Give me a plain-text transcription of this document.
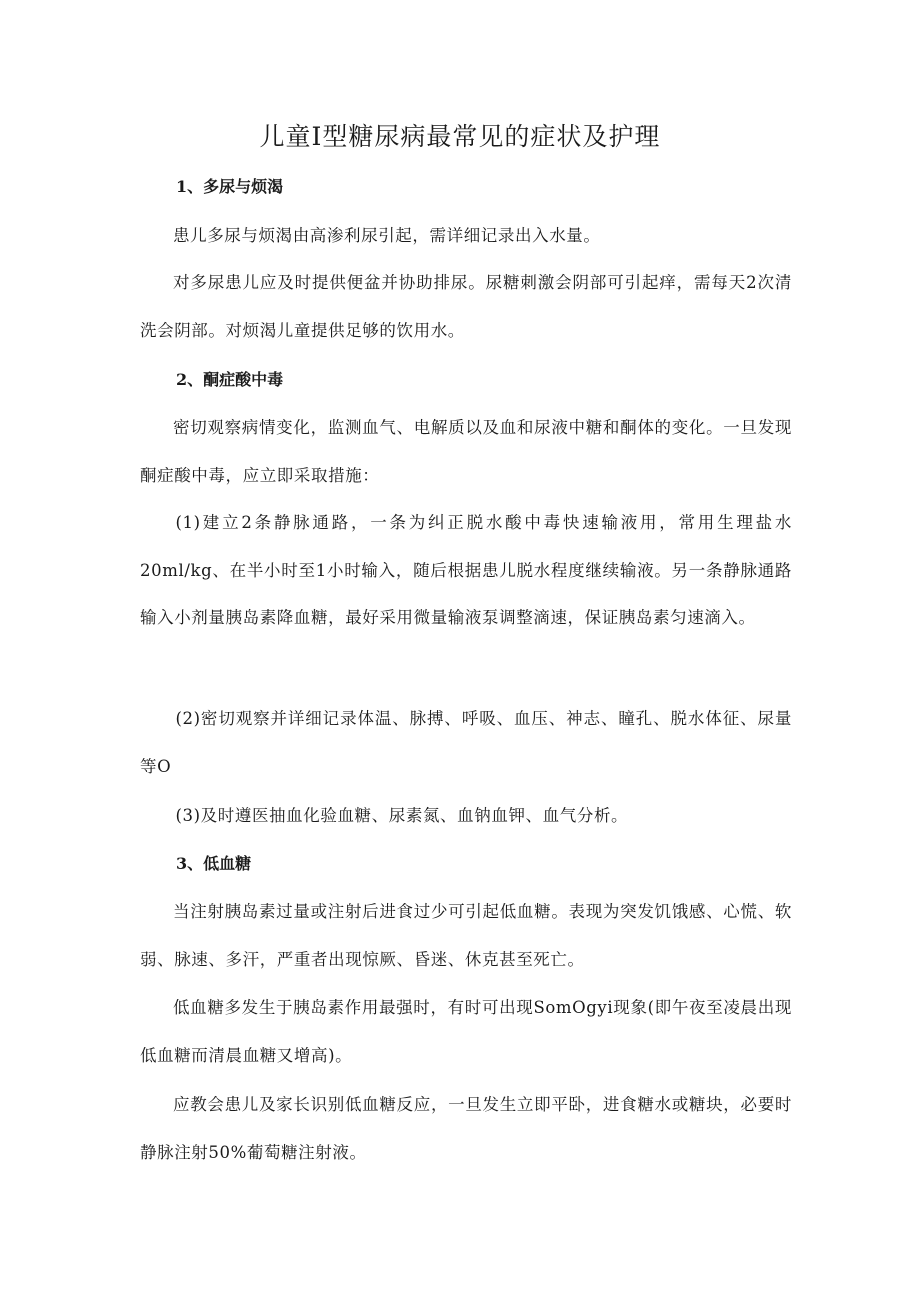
儿童I型糖尿病最常见的症状及护理
1、多尿与烦渴

患儿多尿与烦渴由高渗利尿引起，需详细记录出入水量。

对多尿患儿应及时提供便盆并协助排尿。尿糖刺激会阴部可引起痒，需每天2次清洗会阴部。对烦渴儿童提供足够的饮用水。

2、酮症酸中毒

密切观察病情变化，监测血气、电解质以及血和尿液中糖和酮体的变化。一旦发现酮症酸中毒，应立即采取措施：

(1)建立2条静脉通路，一条为纠正脱水酸中毒快速输液用，常用生理盐水20ml/kg、在半小时至1小时输入，随后根据患儿脱水程度继续输液。另一条静脉通路输入小剂量胰岛素降血糖，最好采用微量输液泵调整滴速，保证胰岛素匀速滴入。

(2)密切观察并详细记录体温、脉搏、呼吸、血压、神志、瞳孔、脱水体征、尿量等O

(3)及时遵医抽血化验血糖、尿素氮、血钠血钾、血气分析。

3、低血糖

当注射胰岛素过量或注射后进食过少可引起低血糖。表现为突发饥饿感、心慌、软弱、脉速、多汗，严重者出现惊厥、昏迷、休克甚至死亡。

低血糖多发生于胰岛素作用最强时，有时可出现SomOgyi现象(即午夜至凌晨出现低血糖而清晨血糖又增高)。

应教会患儿及家长识别低血糖反应，一旦发生立即平卧，进食糖水或糖块，必要时静脉注射50%葡萄糖注射液。
